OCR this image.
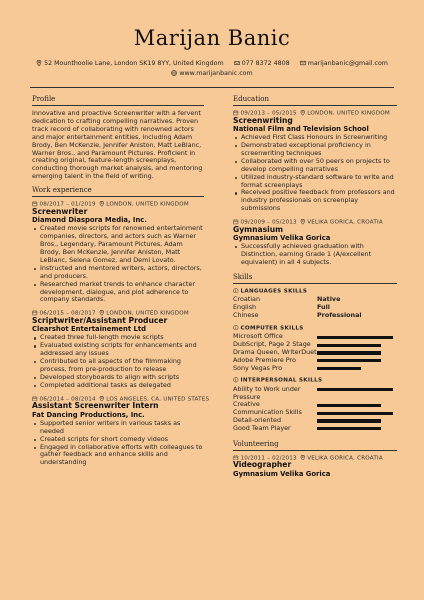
Marijan Banic
52 Mounthoolie Lane, London SK19 8YY, United Kingdom	077 8372 4808	marijanbanic@gmail.com
www.marijanbanic.com
Profile

Innovative and proactive Screenwriter with a fervent dedication to crafting compelling narratives. Proven track record of collaborating with renowned actors and major entertainment entities, including Adam Brody, Ben McKenzie, Jennifer Aniston, Matt LeBlanc, Warner Bros., and Paramount Pictures. Proficient in creating original, feature-length screenplays, conducting thorough market analysis, and mentoring emerging talent in the field of writing.

Work experience
08/2017 – 01/2019 LONDON, UNITED KINGDOM
Screenwriter
Diamond Diaspora Media, Inc.
Created movie scripts for renowned entertainment companies, directors, and actors such as Warner Bros., Legendary, Paramount Pictures, Adam Brody, Ben McKenzie, Jennifer Aniston, Matt LeBlanc, Selena Gomez, and Demi Lovato.
Instructed and mentored writers, actors, directors, and producers.
Researched market trends to enhance character development, dialogue, and plot adherence to company standards.
06/2015 – 08/2017 LONDON, UNITED KINGDOM
Scriptwriter/Assistant Producer
Clearshot Entertainement Ltd
Created three full-length movie scripts
Evaluated existing scripts for enhancements and addressed any issues
Contributed to all aspects of the filmmaking process, from pre-production to release
Developed storyboards to align with scripts
Completed additional tasks as delegated
06/2014 – 08/2014 LOS ANGELES, CA, UNITED STATES
Assistant Screenwriter Intern
Fat Dancing Productions, Inc.
Supported senior writers in various tasks as needed
Created scripts for short comedy videos
Engaged in collaborative efforts with colleagues to gather feedback and enhance skills and understanding
Education
09/2013 – 05/2015 LONDON, UNITED KINGDOM
Screenwriting
National Film and Television School
Achieved First Class Honours in Screenwriting
Demonstrated exceptional proficiency in screenwriting techniques
Collaborated with over 50 peers on projects to develop compelling narratives
Utilized industry-standard software to write and format screenplays
Received positive feedback from professors and industry professionals on screenplay submissions
09/2009 – 05/2013 VELIKA GORICA, CROATIA
Gymnasium
Gymnasium Velika Gorica
Successfully achieved graduation with Distinction, earning Grade 1 (A/excellent equivalent) in all 4 subjects.
Skills
LANGUAGES SKILLS
Croatian	Native
English	Full
Chinese	Professional
COMPUTER SKILLS
Microsoft Office
DubScript, Page 2 Stage
Drama Queen, WriterDuet
Adobe Premiere Pro
Sony Vegas Pro
INTERPERSONAL SKILLS
Ability to Work under Pressure
Creative
Communication Skills
Detail-oriented
Good Team Player
Volunteering
10/2011 – 02/2013 VELIKA GORICA, CROATIA
Videographer
Gymnasium Velika Gorica
